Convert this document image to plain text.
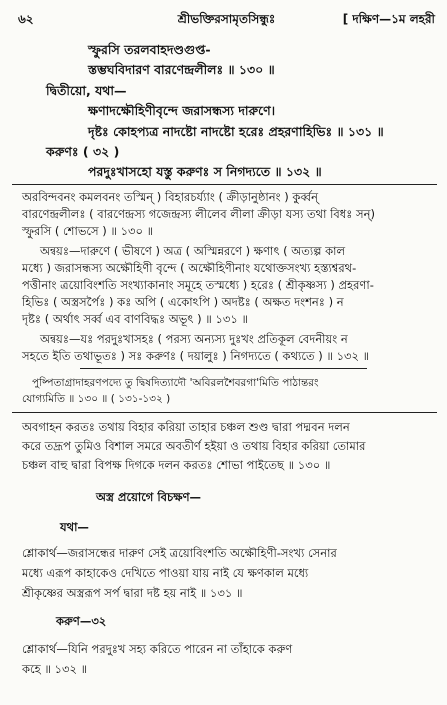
৬২	শ্রীভক্তিরসামৃতসিন্ধুঃ	[ দক্ষিণ—১ম লহরী
স্ফুরসি তরলবাহদণ্ডগুপ্ত-
স্তম্ভঘবিদারণ বারণেন্দ্রলীলঃ ॥ ১৩০ ॥
দ্বিতীয়ো, যথা—
ক্ষণাদক্ষৌহিণীবৃন্দে জরাসন্ধস্য দারুণে।
দৃষ্টঃ কোহপ্যত্র নাদষ্টো নাদষ্টো হরেঃ প্রহরণাহিভিঃ ॥ ১৩১ ॥
করুণঃ ( ৩২ )
পরদুঃখাসহো যস্তু করুণঃ স নিগদ্যতে ॥ ১৩২ ॥
অরবিন্দবনং কমলবনং তস্মিন্ ) বিহারচর্য্যাং ( ক্রীড়ানুষ্ঠানং ) কুর্ব্বন্
বারণেন্দ্রলীলঃ ( বারণেন্দ্রস্য গজেন্দ্রস্য লীলেব লীলা ক্রীড়া যস্য তথা বিধঃ সন্)
স্ফুরসি ( শোভসে ) ॥ ১৩০ ॥
অন্বয়ঃ—দারুণে ( ভীষণে ) অত্র ( অস্মিন্নরণে ) ক্ষণাৎ ( অত্যল্প কাল
মধ্যে ) জরাসন্ধস্য অক্ষৌহিণী বৃন্দে ( অক্ষৌহিণীনাং যথোক্তসংখ্য হস্ত্যশ্বরথ-
পত্তীনাং ত্রয়োবিংশতি সংখ্যাকানাং সমূহে তস্মধ্যে ) হরেঃ ( শ্রীকৃষ্ণস্য ) প্রহরণা-
হিভিঃ ( অস্ত্রসর্পৈঃ ) কঃ অপি ( একোঽপি ) অদষ্টঃ ( অক্ষত দংশনঃ ) ন
দৃষ্টঃ ( অর্থাৎ সর্ব্ব এব বাণবিদ্ধঃ অভূৎ ) ॥ ১৩১ ॥
অন্বয়ঃ—যঃ পরদুঃখাসহঃ ( পরস্য অন্যস্য দুঃখং প্রতিকূল বেদনীয়ং ন
সহতে ইতি তথাভূতঃ ) সঃ করুণঃ ( দয়ালুঃ ) নিগদ্যতে ( কথ্যতে ) ॥ ১৩২ ॥
পুষ্পিতাগ্রাদাহরণপদ্যে তু দ্বিষদিত্যাদৌ 'অবিরলশৈবরগা'মিতি পাঠান্তরং
যোগ্যমিতি ॥ ১৩০ ॥ ( ১৩১-১৩২ )
অবগাহন করতঃ তথায় বিহার করিয়া তাহার চঞ্চল শুণ্ড দ্বারা পদ্মবন দলন
করে তদ্রূপ তুমিও বিশাল সমরে অবতীর্ণ হইয়া ও তথায় বিহার করিয়া তোমার
চঞ্চল বাহু দ্বারা বিপক্ষ দিগকে দলন করতঃ শোভা পাইতেছ ॥ ১৩০ ॥
অস্ত্র প্রয়োগে বিচক্ষণ—
যথা—
শ্লোকার্থ—জরাসন্ধের দারুণ সেই ত্রয়োবিংশতি অক্ষৌহিণী-সংখ্য সেনার
মধ্যে এরূপ কাহাকেও দেখিতে পাওয়া যায় নাই যে ক্ষণকাল মধ্যে
শ্রীকৃষ্ণের অস্ত্ররূপ সর্প দ্বারা দষ্ট হয় নাই ॥ ১৩১ ॥
করুণ—৩২
শ্লোকার্থ—যিনি পরদুঃখ সহ্য করিতে পারেন না তাঁহাকে করুণ
কহে ॥ ১৩২ ॥
